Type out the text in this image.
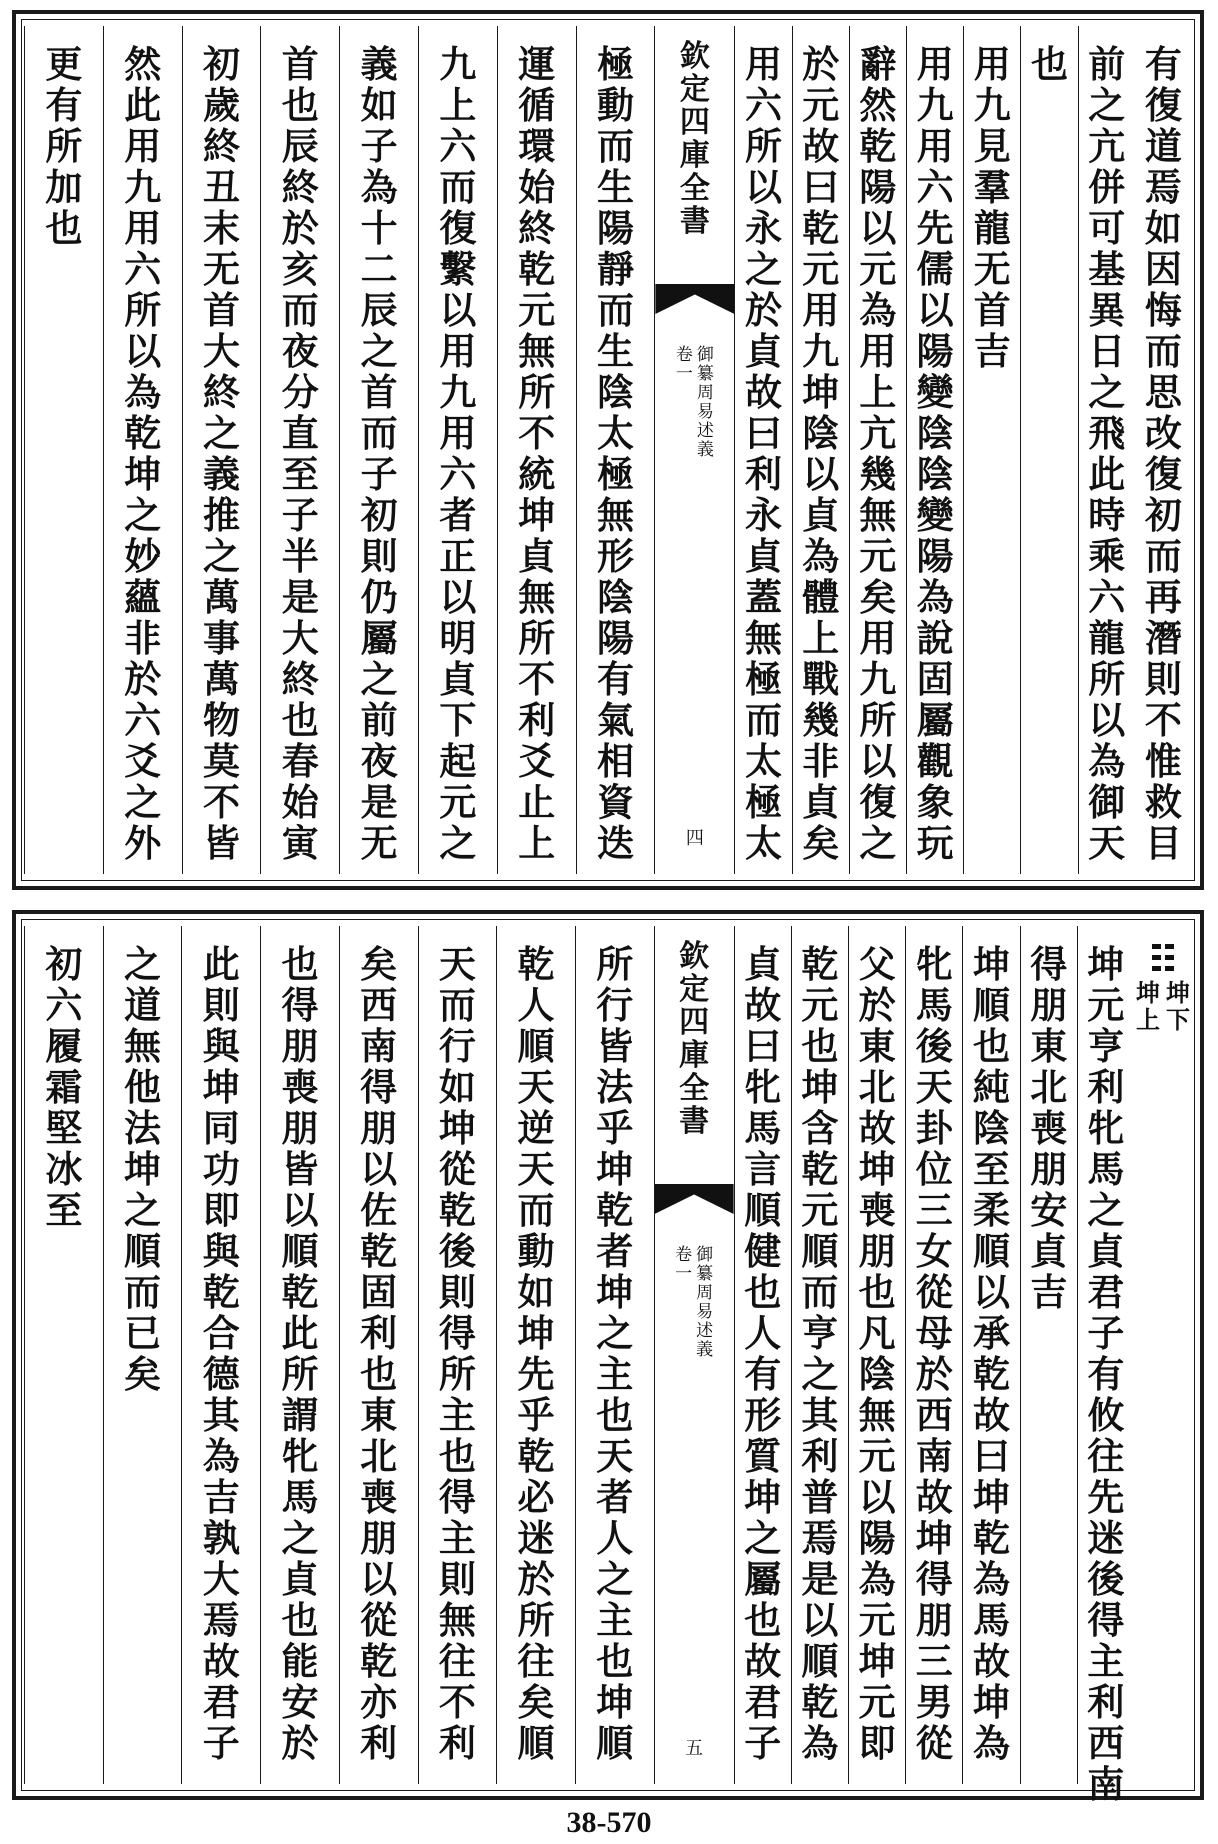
有
復
道
焉
如
因
悔
而
思
改
復
初
而
再
潛
則
不
惟
救
目
前
之
亢
併
可
基
異
日
之
飛
此
時
乘
六
龍
所
以
為
御
天
也
用
九
見
羣
龍
无
首
吉
用
九
用
六
先
儒
以
陽
變
陰
陰
變
陽
為
說
固
屬
觀
象
玩
辭
然
乾
陽
以
元
為
用
上
亢
幾
無
元
矣
用
九
所
以
復
之
於
元
故
曰
乾
元
用
九
坤
陰
以
貞
為
體
上
戰
幾
非
貞
矣
用
六
所
以
永
之
於
貞
故
曰
利
永
貞
蓋
無
極
而
太
極
太
欽
定
四
庫
全
書
御
纂
周
易
述
義
卷
一
四
極
動
而
生
陽
靜
而
生
陰
太
極
無
形
陰
陽
有
氣
相
資
迭
運
循
環
始
終
乾
元
無
所
不
統
坤
貞
無
所
不
利
爻
止
上
九
上
六
而
復
繫
以
用
九
用
六
者
正
以
明
貞
下
起
元
之
義
如
子
為
十
二
辰
之
首
而
子
初
則
仍
屬
之
前
夜
是
无
首
也
辰
終
於
亥
而
夜
分
直
至
子
半
是
大
終
也
春
始
寅
初
歲
終
丑
末
无
首
大
終
之
義
推
之
萬
事
萬
物
莫
不
皆
然
此
用
九
用
六
所
以
為
乾
坤
之
妙
蘊
非
於
六
爻
之
外
更
有
所
加
也
坤
下
坤
上
坤
元
亨
利
牝
馬
之
貞
君
子
有
攸
往
先
迷
後
得
主
利
西
南
得
朋
東
北
喪
朋
安
貞
吉
坤
順
也
純
陰
至
柔
順
以
承
乾
故
曰
坤
乾
為
馬
故
坤
為
牝
馬
後
天
卦
位
三
女
從
母
於
西
南
故
坤
得
朋
三
男
從
父
於
東
北
故
坤
喪
朋
也
凡
陰
無
元
以
陽
為
元
坤
元
即
乾
元
也
坤
含
乾
元
順
而
亨
之
其
利
普
焉
是
以
順
乾
為
貞
故
曰
牝
馬
言
順
健
也
人
有
形
質
坤
之
屬
也
故
君
子
欽
定
四
庫
全
書
御
纂
周
易
述
義
卷
一
五
所
行
皆
法
乎
坤
乾
者
坤
之
主
也
天
者
人
之
主
也
坤
順
乾
人
順
天
逆
天
而
動
如
坤
先
乎
乾
必
迷
於
所
往
矣
順
天
而
行
如
坤
從
乾
後
則
得
所
主
也
得
主
則
無
往
不
利
矣
西
南
得
朋
以
佐
乾
固
利
也
東
北
喪
朋
以
從
乾
亦
利
也
得
朋
喪
朋
皆
以
順
乾
此
所
謂
牝
馬
之
貞
也
能
安
於
此
則
與
坤
同
功
即
與
乾
合
德
其
為
吉
孰
大
焉
故
君
子
之
道
無
他
法
坤
之
順
而
已
矣
初
六
履
霜
堅
冰
至
38-570
